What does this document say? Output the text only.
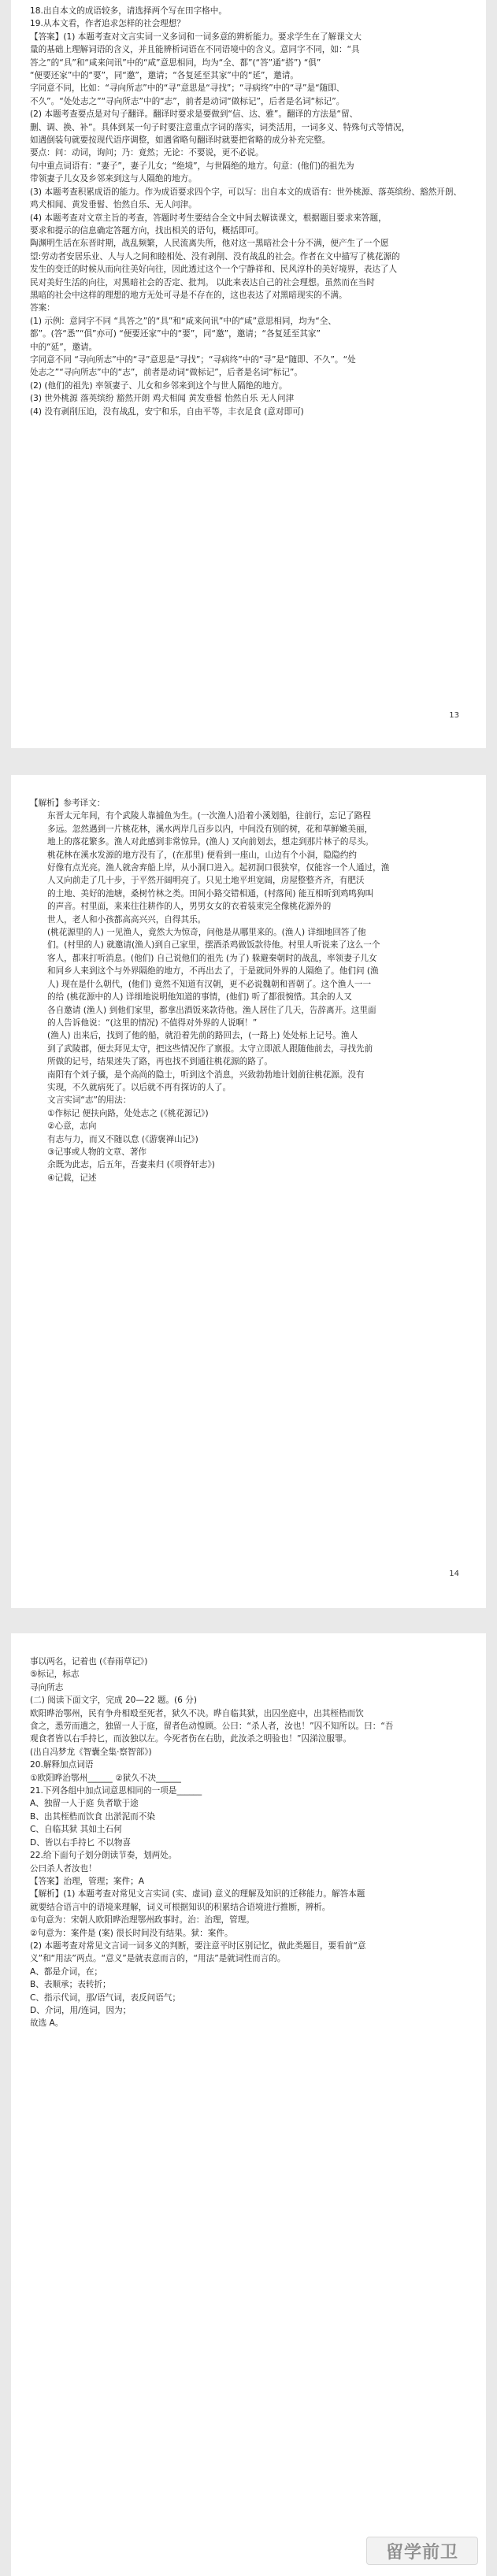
18.出自本文的成语较多，请选择两个写在田字格中。
19.从本文看，作者追求怎样的社会理想？
【答案】(1) 本题考查对文言实词一义多词和一词多意的辨析能力。要求学生在了解课文大
量的基础上理解词语的含义，并且能辨析词语在不同语境中的含义。意同字不同，如：“具
答之”的“具”和“咸来问讯”中的“咸”意思相同，均为“全、都”(“答”通“搭”) “俱”
“便要还家”中的“要”，同“邀”，邀请；“各复延至其家”中的“延”，邀请。
字同意不同，比如：“寻向所志”中的“寻”意思是“寻找”；“寻病终”中的“寻”是“随即、
不久”。“处处志之”“寻向所志”中的“志”，前者是动词“做标记”，后者是名词“标记”。
(2) 本题考查要点是对句子翻译。翻译时要求是要做到“信、达、雅”。翻译的方法是“留、
删、调、换、补”。具体到某一句子时要注意重点字词的落实，词类活用，一词多义、特殊句式等情况，
如遇倒装句就要按现代语序调整，如遇省略句翻译时就要把省略的成分补充完整。
要点：问：动词，询问；乃：竟然；无论：不要说，更不必说。
句中重点词语有：“妻子”，妻子儿女；“绝境”，与世隔绝的地方。句意：(他们)的祖先为
带领妻子儿女及乡邻来到这与人隔绝的地方。
(3) 本题考查积累成语的能力。作为成语要求四个字，可以写：出自本文的成语有：世外桃源、落英缤纷、豁然开朗、
鸡犬相闻、黄发垂髫、怡然自乐、无人问津。
(4) 本题考查对文章主旨的考查，答题时考生要结合全文中间去解读课文，根据题目要求来答题，
要求和提示的信息确定答题方向，找出相关的语句，概括即可。
陶渊明生活在东晋时期，战乱频繁，人民流离失所，他对这一黑暗社会十分不满，便产生了一个愿
望:劳动者安居乐业、人与人之间和睦相处、没有剥削、没有战乱的社会。作者在文中描写了桃花源的
发生的变迁的时候从而向往美好向往，因此透过这个一个宁静祥和、民风淳朴的美好境界，表达了人
民对美好生活的向往，对黑暗社会的否定、批判。 以此来表达自己的社会理想。虽然而在当时
黑暗的社会中这样的理想的地方无处可寻是不存在的，这也表达了对黑暗现实的不满。
答案：
(1) 示例：意同字不同 “具答之”的“具”和“咸来问讯”中的“咸”意思相同，均为“全、
都”。(答“悉”“俱”亦可) “便要还家”中的“要”，同“邀”，邀请；“各复延至其家”
中的“延”，邀请。
字同意不同 “寻向所志”中的“寻”意思是“寻找”；“寻病终”中的“寻”是“随即、不久”。“处
处志之”“寻向所志”中的“志”，前者是动词“做标记”，后者是名词“标记”。
(2) (他们的祖先) 率领妻子、儿女和乡邻来到这个与世人隔绝的地方。
(3) 世外桃源 落英缤纷 豁然开朗 鸡犬相闻 黄发垂髫 怡然自乐 无人问津
(4) 没有剥削压迫，没有战乱，安宁和乐，自由平等，丰衣足食 (意对即可)
13
【解析】参考译文：
东晋太元年间，有个武陵人靠捕鱼为生。(一次渔人)沿着小溪划船，往前行，忘记了路程
多远。忽然遇到一片桃花林，溪水两岸几百步以内，中间没有别的树，花和草鲜嫩美丽，
地上的落花繁多。渔人对此感到非常惊异。(渔人) 又向前划去，想走到那片林子的尽头。
桃花林在溪水发源的地方没有了，(在那里) 便看到一座山，山边有个小洞，隐隐约约
好像有点光亮。渔人就舍弃船上岸，从小洞口进入。起初洞口很狭窄，仅能容一个人通过，渔
人又向前走了几十步，于平然开阔明亮了。只见土地平坦宽阔，房屋整整齐齐，有肥沃
的土地、美好的池塘，桑树竹林之类。田间小路交错相通，(村落间) 能互相听到鸡鸣狗叫
的声音。村里面，来来往往耕作的人，男男女女的衣着装束完全像桃花源外的
世人，老人和小孩都高高兴兴，自得其乐。
(桃花源里的人) 一见渔人，竟然大为惊奇，问他是从哪里来的。(渔人) 详细地回答了他
们。(村里的人) 就邀请(渔人)到自己家里，摆酒杀鸡做饭款待他。村里人听说来了这么一个
客人，都来打听消息。(他们) 自己说他们的祖先 (为了) 躲避秦朝时的战乱，率领妻子儿女
和同乡人来到这个与外界隔绝的地方，不再出去了，于是就同外界的人隔绝了。他们问 (渔
人) 现在是什么朝代，(他们) 竟然不知道有汉朝，更不必说魏朝和晋朝了。这个渔人一一
的给 (桃花源中的人) 详细地说明他知道的事情，(他们) 听了都很惋惜。其余的人又
各自邀请 (渔人) 到他们家里，都拿出酒饭来款待他。渔人居住了几天，告辞离开。这里面
的人告诉他说：“(这里的情况) 不值得对外界的人说啊！”
(渔人) 出来后，找到了他的船，就沿着先前的路回去，(一路上) 处处标上记号。渔人
到了武陵郡，便去拜见太守，把这些情况作了禀报。太守立即派人跟随他前去，寻找先前
所做的记号，结果迷失了路，再也找不到通往桃花源的路了。
南阳有个刘子骥，是个高尚的隐士，听到这个消息，兴致勃勃地计划前往桃花源。没有
实现，不久就病死了。以后就不再有探访的人了。
文言实词“志”的用法：
①作标记 便扶向路，处处志之 (《桃花源记》)
②心意，志向
有志与力，而又不随以怠 (《游褒禅山记》)
③记事或人物的文章、著作
余既为此志，后五年，吾妻来归 (《项脊轩志》)
④记载，记述
14
事以两名，记着也 (《春雨草记》)
⑤标记，标志
寻向所志
(二) 阅读下面文字，完成 20—22 题。(6 分)
欧阳晔治鄂州，民有争舟相殴至死者，狱久不决。晔自临其狱，出囚坐庭中，出其桎梏而饮
食之，悉劳而遣之，独留一人于庭，留者色动惶顾。公曰：“杀人者，汝也！”囚不知所以。曰：“吾
观食者皆以右手持匕，而汝独以左。今死者伤在右肋，此汝杀之明验也！”囚涕泣服罪。
(出自冯梦龙《智囊全集·察智部》)
20.解释加点词语
①欧阳晔治鄂州______ ②狱久不决______
21.下列各组中加点词意思相同的一项是______
A、独留一人于庭 负者歇于途
B、出其桎梏而饮食 出淤泥而不染
C、自临其狱 其如土石何
D、皆以右手持匕 不以物喜
22.给下面句子划分朗读节奏，划两处。
公曰杀人者汝也！
【答案】治理，管理；案件；A
【解析】(1) 本题考查对常见文言实词 (实、虚词) 意义的理解及知识的迁移能力。解答本题
就要结合语言中的语境来理解，词义可根据知识的积累结合语境进行推断，辨析。
①句意为：宋朝人欧阳晔治理鄂州政事时。治：治理，管理。
②句意为：案件是 (案) 很长时间没有结果。狱：案件。
(2) 本题考查对常见文言词一词多义的判断，要注意平时区别记忆，做此类题目，要看前“意
义”和“用法”两点。“意义”是就表意而言的，“用法”是就词性而言的。
A、都是介词，在；
B、表顺承；表转折；
C、指示代词，那/语气词，表反问语气；
D、介词，用/连词，因为；
故选 A。
留学前卫
